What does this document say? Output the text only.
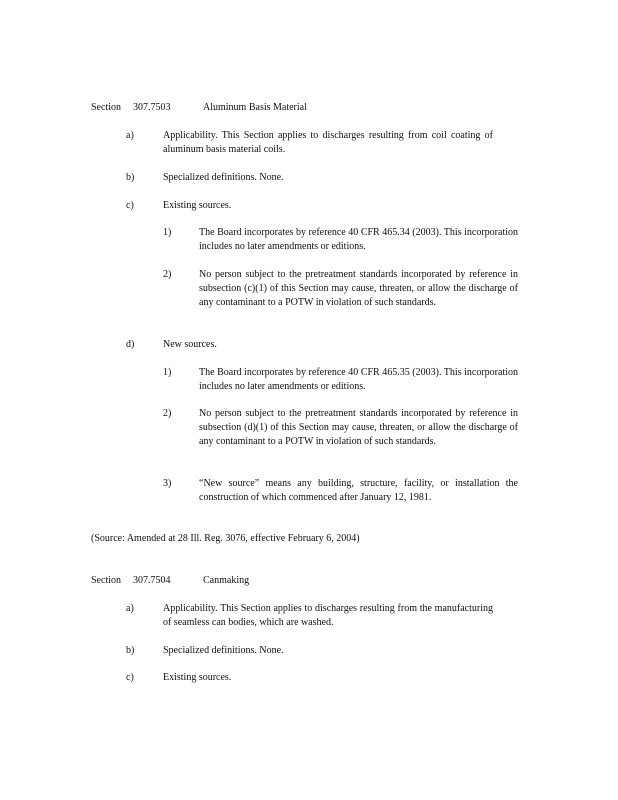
Section 307.7503	Aluminum Basis Material
a)	Applicability. This Section applies to discharges resulting from coil coating of aluminum basis material coils.
b)	Specialized definitions. None.
c)	Existing sources.
1)	The Board incorporates by reference 40 CFR 465.34 (2003). This incorporation includes no later amendments or editions.
2)	No person subject to the pretreatment standards incorporated by reference in subsection (c)(1) of this Section may cause, threaten, or allow the discharge of any contaminant to a POTW in violation of such standards.
d)	New sources.
1)	The Board incorporates by reference 40 CFR 465.35 (2003). This incorporation includes no later amendments or editions.
2)	No person subject to the pretreatment standards incorporated by reference in subsection (d)(1) of this Section may cause, threaten, or allow the discharge of any contaminant to a POTW in violation of such standards.
3)	“New source” means any building, structure, facility, or installation the construction of which commenced after January 12, 1981.
(Source: Amended at 28 Ill. Reg. 3076, effective February 6, 2004)
Section 307.7504	Canmaking
a)	Applicability. This Section applies to discharges resulting from the manufacturing of seamless can bodies, which are washed.
b)	Specialized definitions. None.
c)	Existing sources.
